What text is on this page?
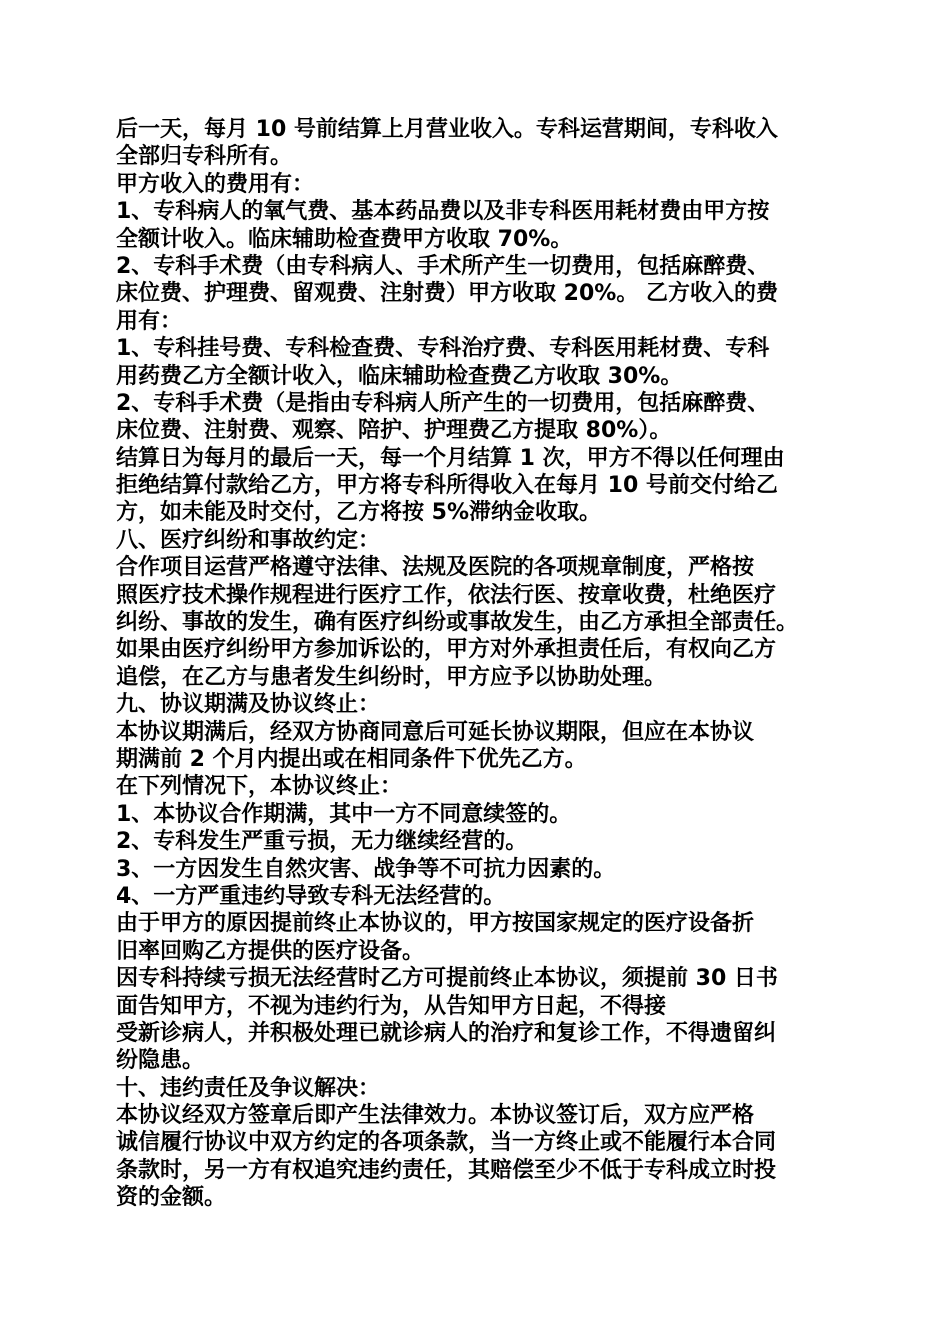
后一天，每月 10 号前结算上月营业收入。专科运营期间，专科收入
全部归专科所有。
甲方收入的费用有：
1、专科病人的氧气费、基本药品费以及非专科医用耗材费由甲方按
全额计收入。临床辅助检查费甲方收取 70%。
2、专科手术费（由专科病人、手术所产生一切费用，包括麻醉费、
床位费、护理费、留观费、注射费）甲方收取 20%。 乙方收入的费
用有：
1、专科挂号费、专科检查费、专科治疗费、专科医用耗材费、专科
用药费乙方全额计收入，临床辅助检查费乙方收取 30%。
2、专科手术费（是指由专科病人所产生的一切费用，包括麻醉费、
床位费、注射费、观察、陪护、护理费乙方提取 80%）。
结算日为每月的最后一天，每一个月结算 1 次，甲方不得以任何理由
拒绝结算付款给乙方，甲方将专科所得收入在每月 10 号前交付给乙
方，如未能及时交付，乙方将按 5%滞纳金收取。
八、医疗纠纷和事故约定：
合作项目运营严格遵守法律、法规及医院的各项规章制度，严格按
照医疗技术操作规程进行医疗工作，依法行医、按章收费，杜绝医疗
纠纷、事故的发生，确有医疗纠纷或事故发生，由乙方承担全部责任。
如果由医疗纠纷甲方参加诉讼的，甲方对外承担责任后，有权向乙方
追偿，在乙方与患者发生纠纷时，甲方应予以协助处理。
九、协议期满及协议终止：
本协议期满后，经双方协商同意后可延长协议期限，但应在本协议
期满前 2 个月内提出或在相同条件下优先乙方。
在下列情况下，本协议终止：
1、本协议合作期满，其中一方不同意续签的。
2、专科发生严重亏损，无力继续经营的。
3、一方因发生自然灾害、战争等不可抗力因素的。
4、一方严重违约导致专科无法经营的。
由于甲方的原因提前终止本协议的，甲方按国家规定的医疗设备折
旧率回购乙方提供的医疗设备。
因专科持续亏损无法经营时乙方可提前终止本协议，须提前 30 日书
面告知甲方，不视为违约行为，从告知甲方日起，不得接
受新诊病人，并积极处理已就诊病人的治疗和复诊工作，不得遗留纠
纷隐患。
十、违约责任及争议解决：
本协议经双方签章后即产生法律效力。本协议签订后，双方应严格
诚信履行协议中双方约定的各项条款，当一方终止或不能履行本合同
条款时，另一方有权追究违约责任，其赔偿至少不低于专科成立时投
资的金额。
